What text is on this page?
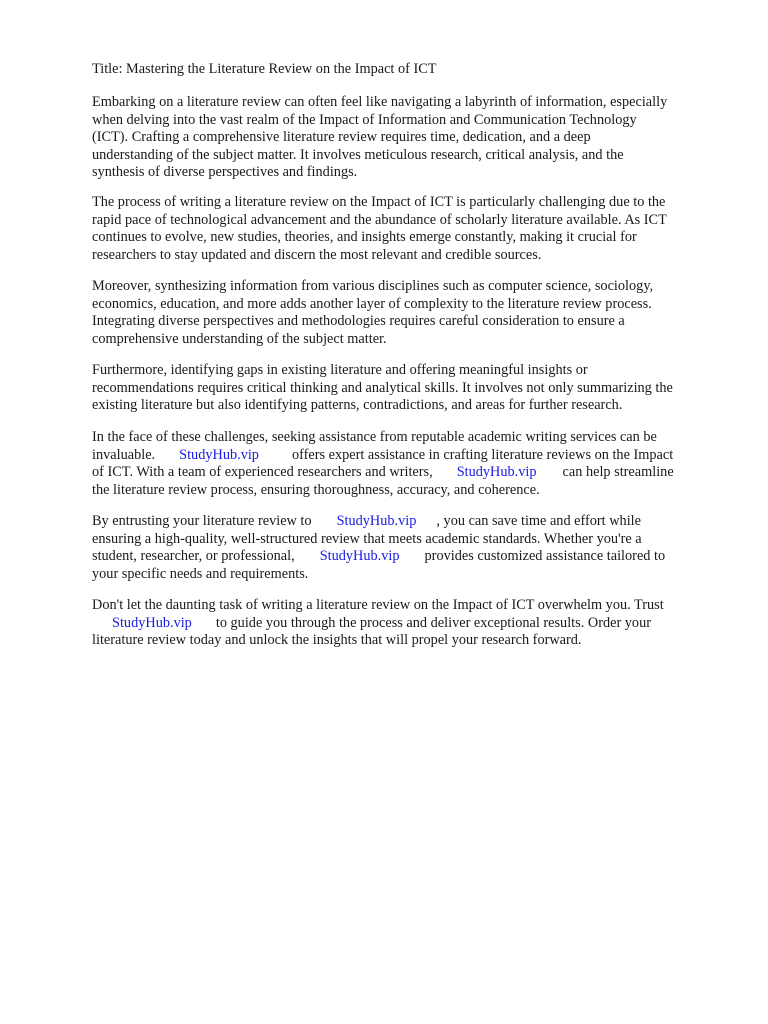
Title: Mastering the Literature Review on the Impact of ICT
Embarking on a literature review can often feel like navigating a labyrinth of information, especially
when delving into the vast realm of the Impact of Information and Communication Technology
(ICT). Crafting a comprehensive literature review requires time, dedication, and a deep
understanding of the subject matter. It involves meticulous research, critical analysis, and the
synthesis of diverse perspectives and findings.
The process of writing a literature review on the Impact of ICT is particularly challenging due to the
rapid pace of technological advancement and the abundance of scholarly literature available. As ICT
continues to evolve, new studies, theories, and insights emerge constantly, making it crucial for
researchers to stay updated and discern the most relevant and credible sources.
Moreover, synthesizing information from various disciplines such as computer science, sociology,
economics, education, and more adds another layer of complexity to the literature review process.
Integrating diverse perspectives and methodologies requires careful consideration to ensure a
comprehensive understanding of the subject matter.
Furthermore, identifying gaps in existing literature and offering meaningful insights or
recommendations requires critical thinking and analytical skills. It involves not only summarizing the
existing literature but also identifying patterns, contradictions, and areas for further research.
In the face of these challenges, seeking assistance from reputable academic writing services can be
invaluable. StudyHub.vip offers expert assistance in crafting literature reviews on the Impact
of ICT. With a team of experienced researchers and writers, StudyHub.vip can help streamline
the literature review process, ensuring thoroughness, accuracy, and coherence.
By entrusting your literature review to StudyHub.vip , you can save time and effort while
ensuring a high-quality, well-structured review that meets academic standards. Whether you're a
student, researcher, or professional, StudyHub.vip provides customized assistance tailored to
your specific needs and requirements.
Don't let the daunting task of writing a literature review on the Impact of ICT overwhelm you. Trust
StudyHub.vip to guide you through the process and deliver exceptional results. Order your
literature review today and unlock the insights that will propel your research forward.
